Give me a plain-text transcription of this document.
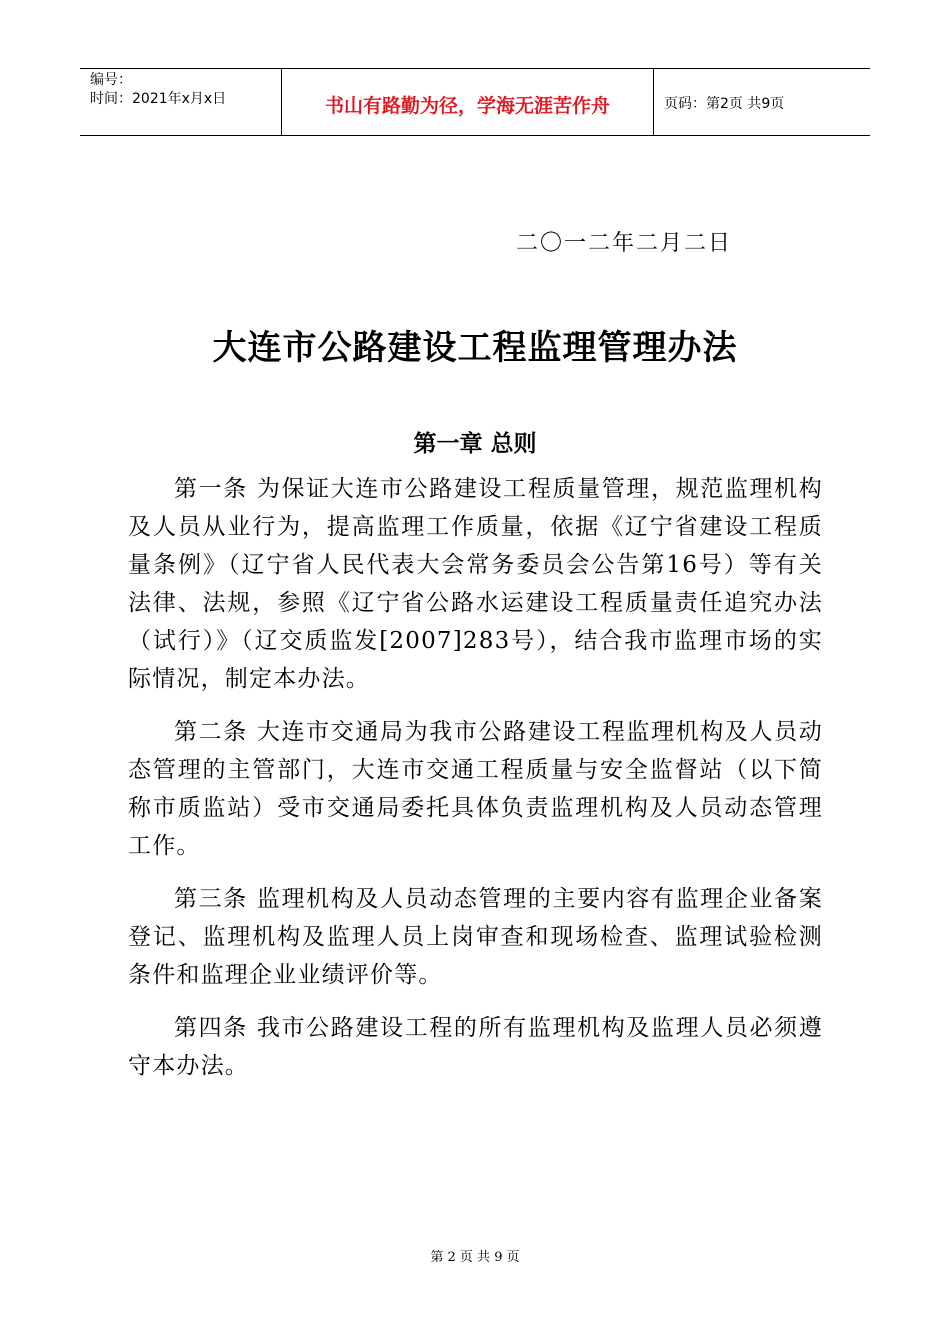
编号：
时间：2021年x月x日	书山有路勤为径，学海无涯苦作舟	页码：第2页 共9页
二〇一二年二月二日
大连市公路建设工程监理管理办法
第一章 总则

第一条 为保证大连市公路建设工程质量管理，规范监理机构及人员从业行为，提高监理工作质量，依据《辽宁省建设工程质量条例》（辽宁省人民代表大会常务委员会公告第16号）等有关法律、法规，参照《辽宁省公路水运建设工程质量责任追究办法（试行）》（辽交质监发[2007]283号），结合我市监理市场的实际情况，制定本办法。

第二条 大连市交通局为我市公路建设工程监理机构及人员动态管理的主管部门，大连市交通工程质量与安全监督站（以下简称市质监站）受市交通局委托具体负责监理机构及人员动态管理工作。

第三条 监理机构及人员动态管理的主要内容有监理企业备案登记、监理机构及监理人员上岗审查和现场检查、监理试验检测条件和监理企业业绩评价等。

第四条 我市公路建设工程的所有监理机构及监理人员必须遵守本办法。

第 2 页 共 9 页
